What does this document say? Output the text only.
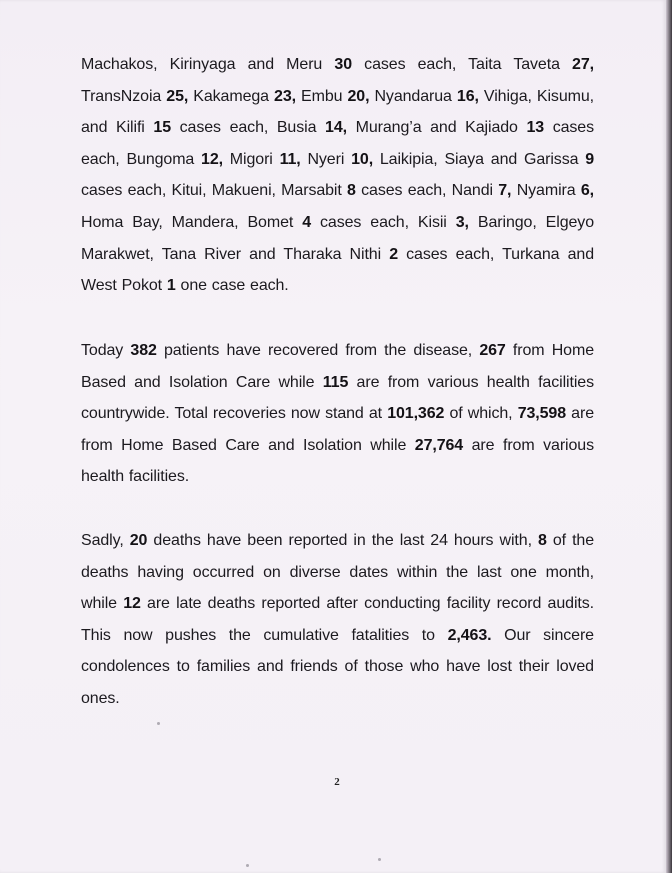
Machakos, Kirinyaga and Meru 30 cases each, Taita Taveta 27, TransNzoia 25, Kakamega 23, Embu 20, Nyandarua 16, Vihiga, Kisumu, and Kilifi 15 cases each, Busia 14, Murang’a and Kajiado 13 cases each, Bungoma 12, Migori 11, Nyeri 10, Laikipia, Siaya and Garissa 9 cases each, Kitui, Makueni, Marsabit 8 cases each, Nandi 7, Nyamira 6, Homa Bay, Mandera, Bomet 4 cases each, Kisii 3, Baringo, Elgeyo Marakwet, Tana River and Tharaka Nithi 2 cases each, Turkana and West Pokot 1 one case each.
Today 382 patients have recovered from the disease, 267 from Home Based and Isolation Care while 115 are from various health facilities countrywide. Total recoveries now stand at 101,362 of which, 73,598 are from Home Based Care and Isolation while 27,764 are from various health facilities.
Sadly, 20 deaths have been reported in the last 24 hours with, 8 of the deaths having occurred on diverse dates within the last one month, while 12 are late deaths reported after conducting facility record audits. This now pushes the cumulative fatalities to 2,463. Our sincere condolences to families and friends of those who have lost their loved ones.
2
